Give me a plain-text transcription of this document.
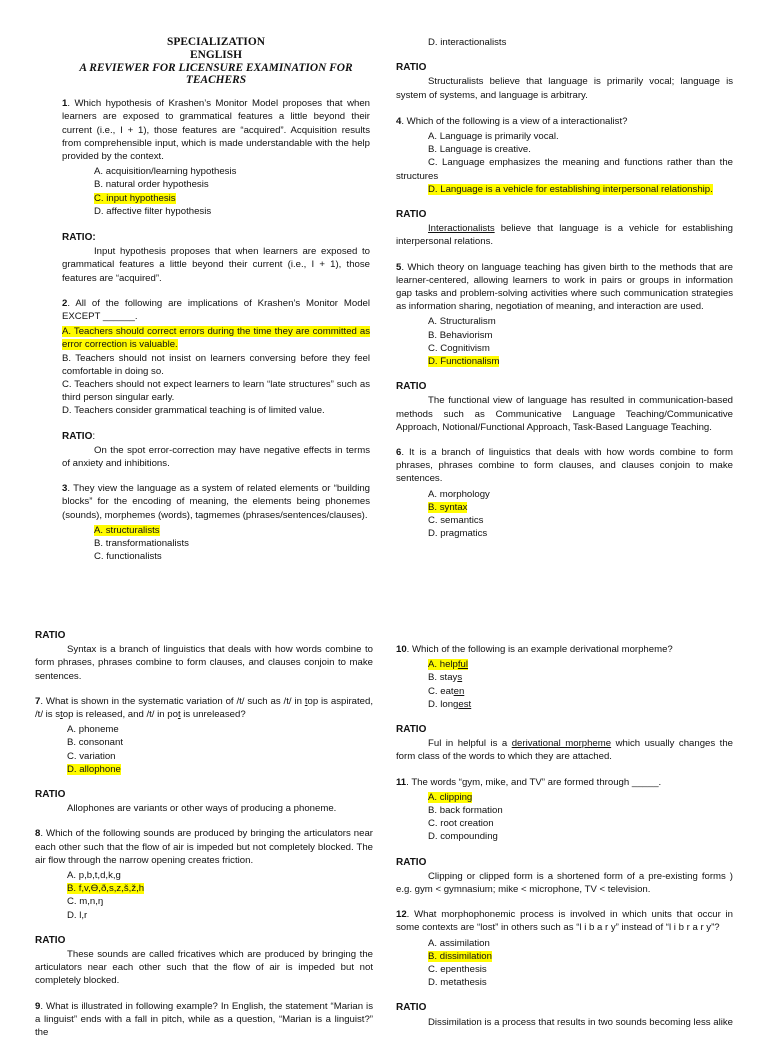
SPECIALIZATION
ENGLISH
A REVIEWER FOR LICENSURE EXAMINATION FOR
TEACHERS

1. Which hypothesis of Krashen’s Monitor Model proposes that when learners are exposed to grammatical features a little beyond their current (i.e., I + 1), those features are “acquired”. Acquisition results from comprehensible input, which is made understandable with the help provided by the context.

A. acquisition/learning hypothesis
B. natural order hypothesis
C. input hypothesis
D. affective filter hypothesis
RATIO:

Input hypothesis proposes that when learners are exposed to grammatical features a little beyond their current (i.e., I + 1), those features are “acquired”.

2. All of the following are implications of Krashen’s Monitor Model EXCEPT ______.

A. Teachers should correct errors during the time they are committed as error correction is valuable.

B. Teachers should not insist on learners conversing before they feel comfortable in doing so.

C. Teachers should not expect learners to learn “late structures” such as third person singular early.

D. Teachers consider grammatical teaching is of limited value.

RATIO:

On the spot error-correction may have negative effects in terms of anxiety and inhibitions.

3. They view the language as a system of related elements or “building blocks” for the encoding of meaning, the elements being phonemes (sounds), morphemes (words), tagmemes (phrases/sentences/clauses).

A. structuralists
B. transformationalists
C. functionalists
D. interactionalists
RATIO

Structuralists believe that language is primarily vocal; language is system of systems, and language is arbitrary.

4. Which of the following is a view of a interactionalist?

A. Language is primarily vocal.
B. Language is creative.
C. Language emphasizes the meaning and functions rather than the structures
D. Language is a vehicle for establishing interpersonal relationship.
RATIO

Interactionalists believe that language is a vehicle for establishing interpersonal relations.

5. Which theory on language teaching has given birth to the methods that are learner-centered, allowing learners to work in pairs or groups in information gap tasks and problem-solving activities where such communication strategies as information sharing, negotiation of meaning, and interaction are used.

A. Structuralism
B. Behaviorism
C. Cognitivism
D. Functionalism
RATIO

The functional view of language has resulted in communication-based methods such as Communicative Language Teaching/Communicative Approach, Notional/Functional Approach, Task-Based Language Teaching.

6. It is a branch of linguistics that deals with how words combine to form phrases, phrases combine to form clauses, and clauses conjoin to make sentences.

A. morphology
B. syntax
C. semantics
D. pragmatics
RATIO

Syntax is a branch of linguistics that deals with how words combine to form phrases, phrases combine to form clauses, and clauses conjoin to make sentences.

7. What is shown in the systematic variation of /t/ such as /t/ in top is aspirated, /t/ is stop is released, and /t/ in pot is unreleased?

A. phoneme
B. consonant
C. variation
D. allophone
RATIO

Allophones are variants or other ways of producing a phoneme.

8. Which of the following sounds are produced by bringing the articulators near each other such that the flow of air is impeded but not completely blocked. The air flow through the narrow opening creates friction.

A. p,b,t,d,k,g
B. f,v,Ɵ,ð,s,z,š,ž,h
C. m,n,ŋ
D. l,r
RATIO

These sounds are called fricatives which are produced by bringing the articulators near each other such that the flow of air is impeded but not completely blocked.

9. What is illustrated in following example? In English, the statement “Marian is a linguist” ends with a fall in pitch, while as a question, “Marian is a linguist?” the

10. Which of the following is an example derivational morpheme?

A. helpful
B. stays
C. eaten
D. longest
RATIO

Ful in helpful is a derivational morpheme which usually changes the form class of the words to which they are attached.

11. The words “gym, mike, and TV” are formed through _____.

A. clipping
B. back formation
C. root creation
D. compounding
RATIO

Clipping or clipped form is a shortened form of a pre-existing forms ) e.g. gym < gymnasium; mike < microphone, TV < television.

12. What morphophonemic process is involved in which units that occur in some contexts are “lost” in others such as “l i b a r y” instead of “l i b r a r y”?

A. assimilation
B. dissimilation
C. epenthesis
D. metathesis
RATIO

Dissimilation is a process that results in two sounds becoming less alike
